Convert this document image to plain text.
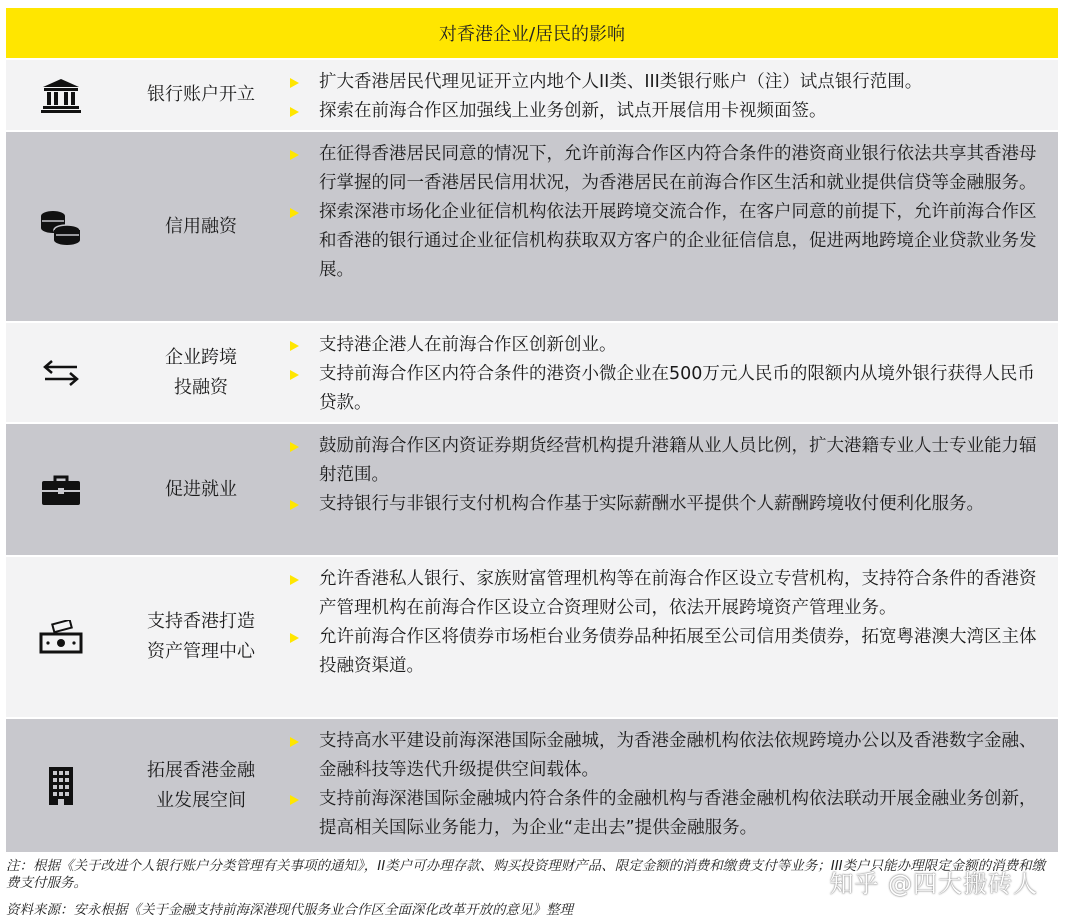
对香港企业/居民的影响
银行账户开立
扩大香港居民代理见证开立内地个人II类、III类银行账户（注）试点银行范围。
探索在前海合作区加强线上业务创新，试点开展信用卡视频面签。
信用融资
在征得香港居民同意的情况下，允许前海合作区内符合条件的港资商业银行依法共享其香港母行掌握的同一香港居民信用状况，为香港居民在前海合作区生活和就业提供信贷等金融服务。
探索深港市场化企业征信机构依法开展跨境交流合作，在客户同意的前提下，允许前海合作区和香港的银行通过企业征信机构获取双方客户的企业征信信息，促进两地跨境企业贷款业务发展。
企业跨境
投融资
支持港企港人在前海合作区创新创业。
支持前海合作区内符合条件的港资小微企业在500万元人民币的限额内从境外银行获得人民币贷款。
促进就业
鼓励前海合作区内资证券期货经营机构提升港籍从业人员比例，扩大港籍专业人士专业能力辐射范围。
支持银行与非银行支付机构合作基于实际薪酬水平提供个人薪酬跨境收付便利化服务。
支持香港打造
资产管理中心
允许香港私人银行、家族财富管理机构等在前海合作区设立专营机构，支持符合条件的香港资产管理机构在前海合作区设立合资理财公司，依法开展跨境资产管理业务。
允许前海合作区将债券市场柜台业务债券品种拓展至公司信用类债券，拓宽粤港澳大湾区主体投融资渠道。
拓展香港金融
业发展空间
支持高水平建设前海深港国际金融城，为香港金融机构依法依规跨境办公以及香港数字金融、金融科技等迭代升级提供空间载体。
支持前海深港国际金融城内符合条件的金融机构与香港金融机构依法联动开展金融业务创新，提高相关国际业务能力，为企业“走出去”提供金融服务。
注：根据《关于改进个人银行账户分类管理有关事项的通知》，II类户可办理存款、购买投资理财产品、限定金额的消费和缴费支付等业务；III类户只能办理限定金额的消费和缴费支付服务。
资料来源：安永根据《关于金融支持前海深港现代服务业合作区全面深化改革开放的意见》整理
知乎 @四大搬砖人
